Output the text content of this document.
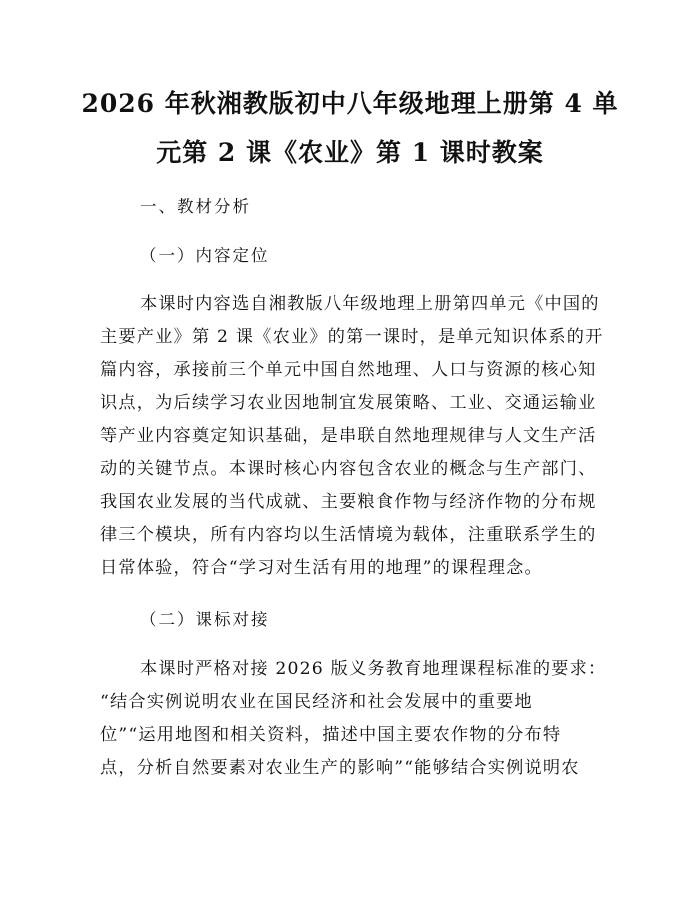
2026 年秋湘教版初中八年级地理上册第 4 单
元第 2 课《农业》第 1 课时教案
一、教材分析
（一）内容定位
本课时内容选自湘教版八年级地理上册第四单元《中国的
主要产业》第 2 课《农业》的第一课时，是单元知识体系的开
篇内容，承接前三个单元中国自然地理、人口与资源的核心知
识点，为后续学习农业因地制宜发展策略、工业、交通运输业
等产业内容奠定知识基础，是串联自然地理规律与人文生产活
动的关键节点。本课时核心内容包含农业的概念与生产部门、
我国农业发展的当代成就、主要粮食作物与经济作物的分布规
律三个模块，所有内容均以生活情境为载体，注重联系学生的
日常体验，符合“学习对生活有用的地理”的课程理念。
（二）课标对接
本课时严格对接 2026 版义务教育地理课程标准的要求：
“结合实例说明农业在国民经济和社会发展中的重要地
位”“运用地图和相关资料，描述中国主要农作物的分布特
点，分析自然要素对农业生产的影响”“能够结合实例说明农
